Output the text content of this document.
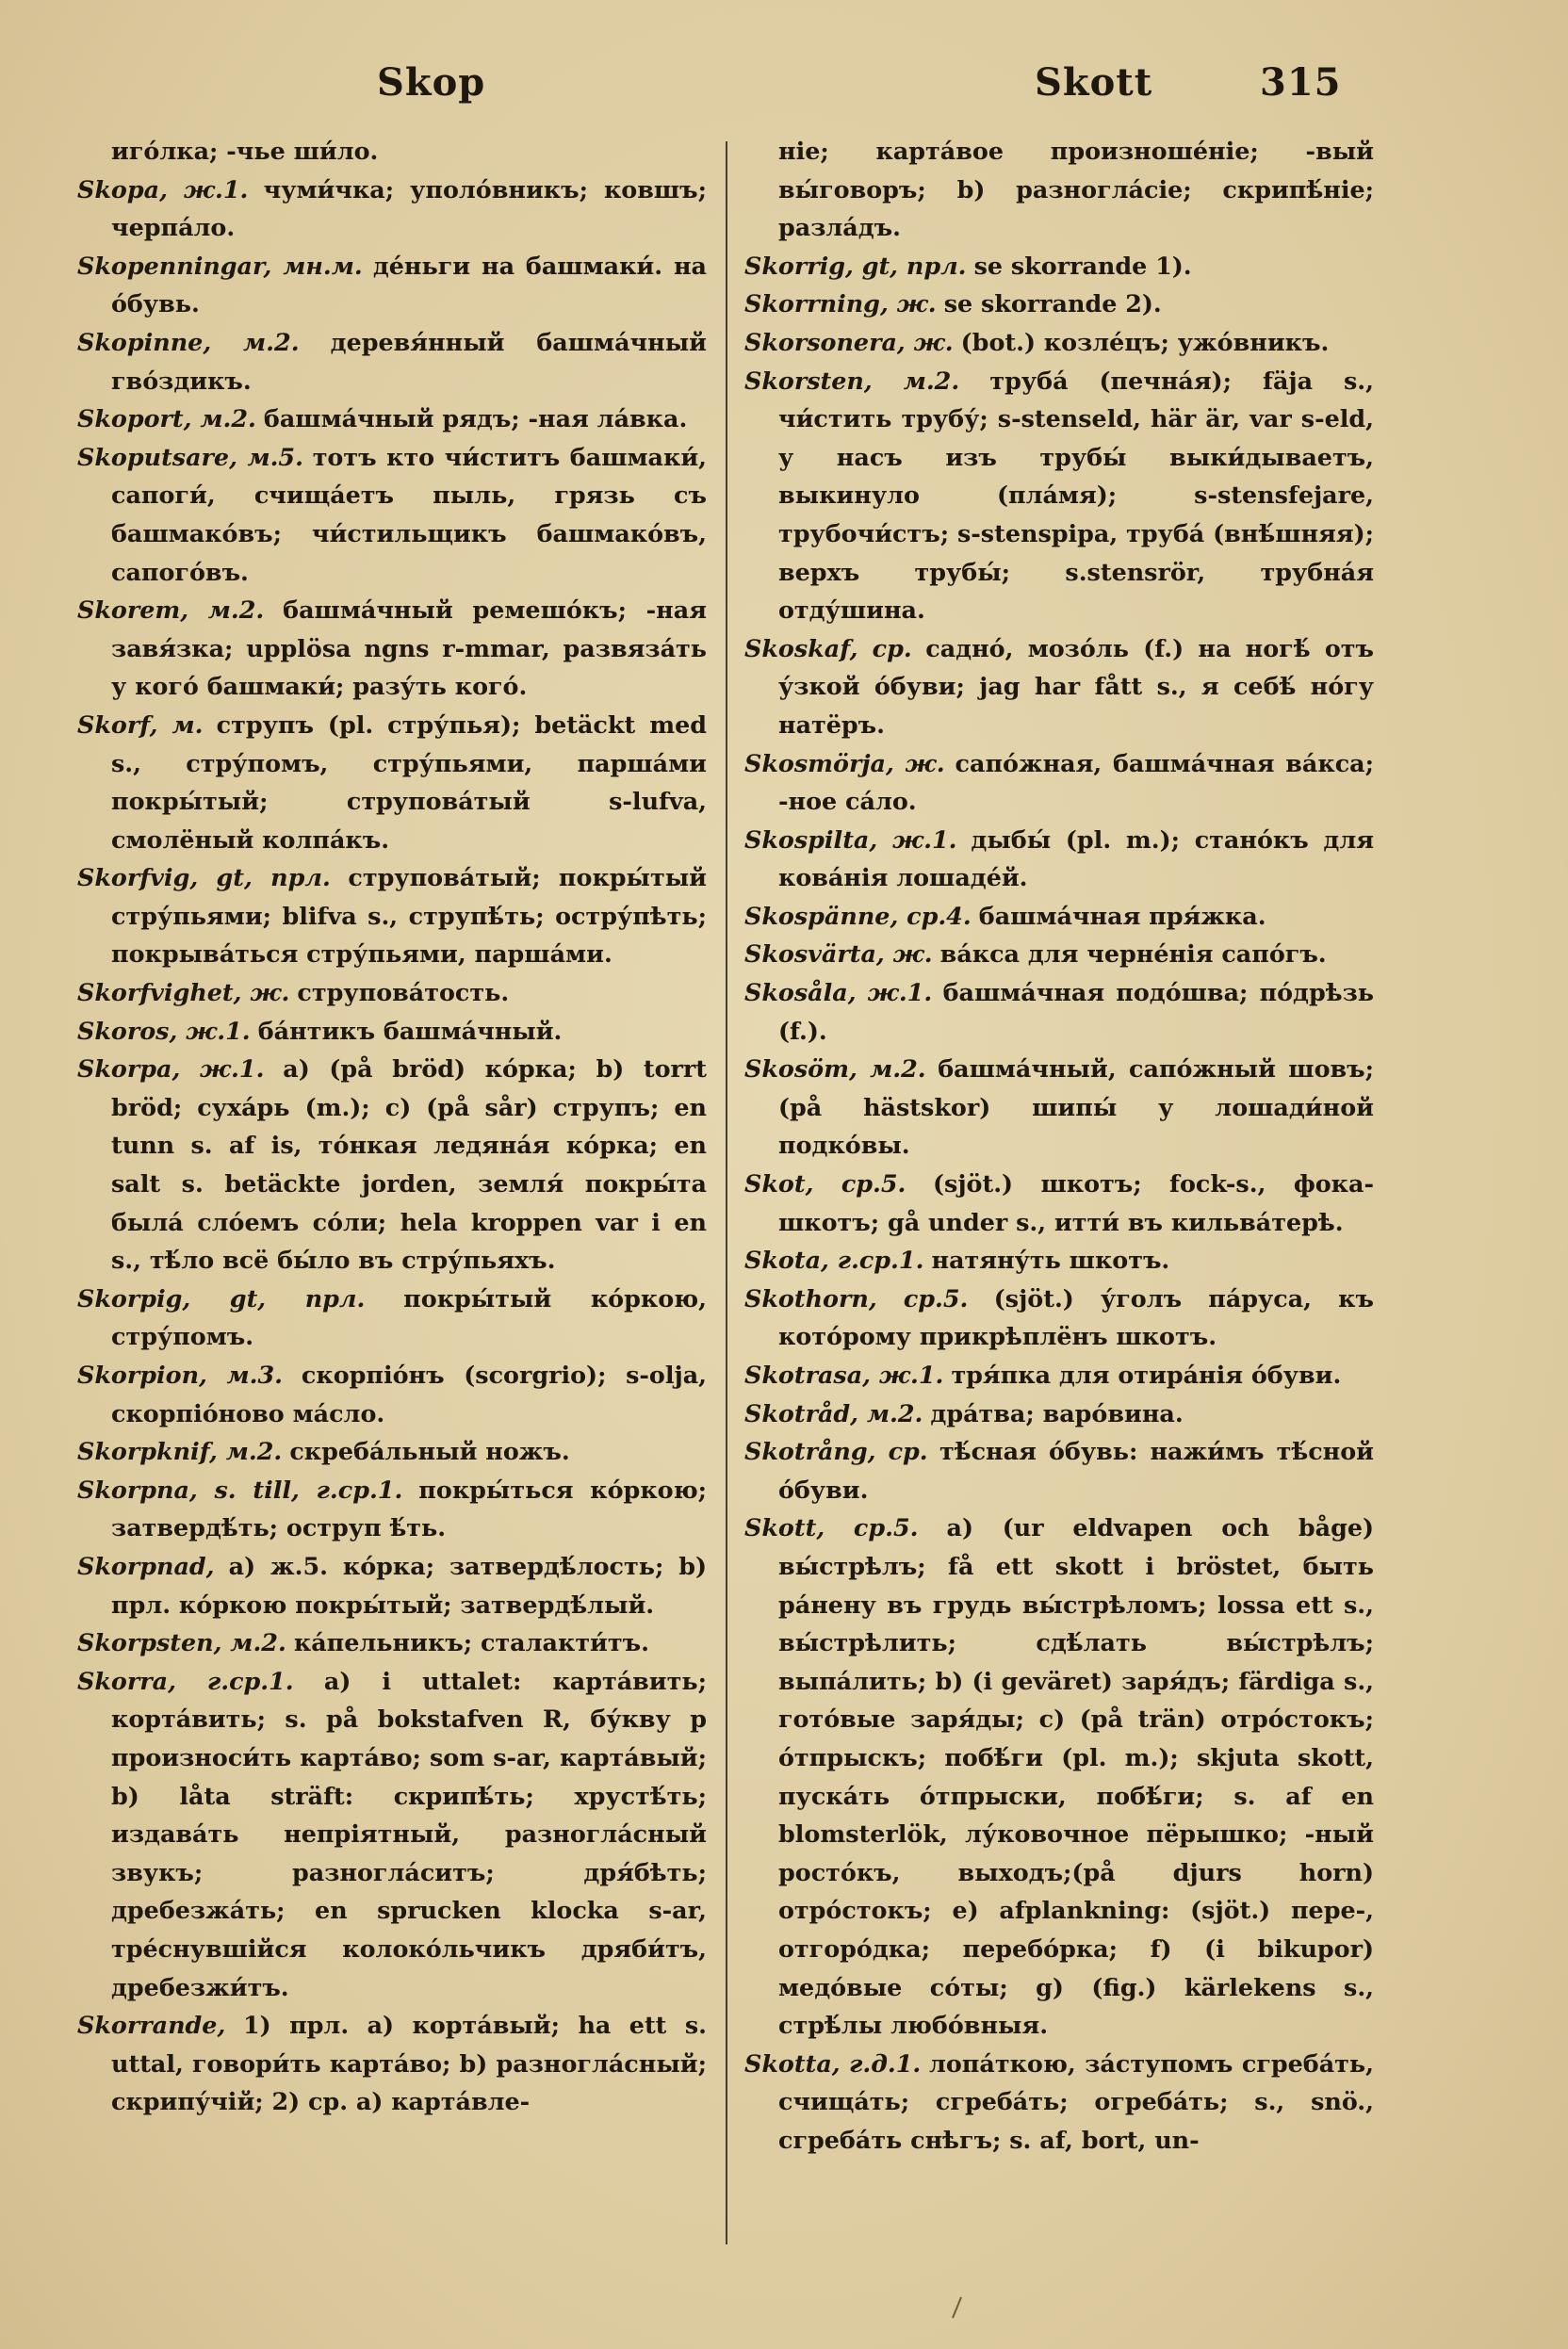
Skop	Skott	315

иго́лка; -чье ши́ло.

Skopa, ж.1. чуми́чка; уполо́вникъ; ковшъ; черпа́ло.

Skopenningar, мн.м. де́ньги на башмаки́. на о́бувь.

Skopinne, м.2. деревя́нный башма́чный гво́здикъ.

Skoport, м.2. башма́чный рядъ; -ная ла́вка.

Skoputsare, м.5. тотъ кто чи́ститъ башмаки́, сапоги́, счища́етъ пыль, грязь съ башмако́въ; чи́стильщикъ башмако́въ, сапого́въ.

Skorem, м.2. башма́чный ремешо́къ; -ная завя́зка; upplösa ngns r-mmar, развяза́ть у кого́ башмаки́; разу́ть кого́.

Skorf, м. струпъ (pl. стру́пья); betäckt med s., стру́помъ, стру́пьями, парша́ми покры́тый; струпова́тый s-lufva, смолёный колпа́къ.

Skorfvig, gt, прл. струпова́тый; покры́тый стру́пьями; blifva s., струпѣ́ть; остру́пѣть; покрыва́ться стру́пьями, парша́ми.

Skorfvighet, ж. струпова́тость.

Skoros, ж.1. ба́нтикъ башма́чный.

Skorpa, ж.1. а) (på bröd) ко́рка; b) torrt bröd; суха́рь (m.); c) (på sår) струпъ; en tunn s. af is, то́нкая ледяна́я ко́рка; en salt s. betäckte jorden, земля́ покры́та была́ сло́емъ со́ли; hela kroppen var i en s., тѣ́ло всё бы́ло въ стру́пьяхъ.

Skorpig, gt, прл. покры́тый ко́ркою, стру́помъ.

Skorpion, м.3. скорпіо́нъ (scorgrio); s-olja, скорпіо́ново ма́сло.

Skorpknif, м.2. скреба́льный ножъ.

Skorpna, s. till, г.ср.1. покры́ться ко́ркою; затвердѣ́ть; оструп ѣ́ть.

Skorpnad, а) ж.5. ко́рка; затвердѣ́лость; b) прл. ко́ркою покры́тый; затвердѣ́лый.

Skorpsten, м.2. ка́пельникъ; сталакти́тъ.

Skorra, г.ср.1. а) i uttalet: карта́вить; корта́вить; s. på bokstafven R, бу́кву р произноси́ть карта́во; som s-ar, карта́вый; b) låta sträft: скрипѣ́ть; хрустѣ́ть; издава́ть непріятный, разногла́сный звукъ; разногла́ситъ; дря́бѣть; дребезжа́ть; en sprucken klocka s-ar, трéснувшійся колоко́льчикъ дряби́тъ, дребезжи́тъ.

Skorrande, 1) прл. а) корта́вый; ha ett s. uttal, говори́ть карта́во; b) разногла́сный; скрипу́чій; 2) ср. а) карта́вле-

ніе; карта́вое произноше́ніе; -вый вы́говоръ; b) разногла́сіе; скрипѣ́ніе; разла́дъ.

Skorrig, gt, прл. se skorrande 1).

Skorrning, ж. se skorrande 2).

Skorsonera, ж. (bot.) козле́цъ; ужо́вникъ.

Skorsten, м.2. труба́ (печна́я); fäja s., чи́стить трубу́; s-stenseld, här är, var s-eld, у насъ изъ трубы́ выки́дываетъ, выкинуло (пла́мя); s-stensfejare, трубочи́стъ; s-stenspipa, труба́ (внѣ́шняя); верхъ трубы́; s.stensrör, трубна́я отду́шина.

Skoskaf, ср. садно́, мозо́ль (f.) на ногѣ́ отъ у́зкой о́буви; jag har fått s., я себѣ́ но́гу натёръ.

Skosmörja, ж. сапо́жная, башма́чная ва́кса; -ное са́ло.

Skospilta, ж.1. дыбы́ (pl. m.); стано́къ для кова́нія лошаде́й.

Skospänne, ср.4. башма́чная пря́жка.

Skosvärta, ж. ва́кса для черне́нія сапо́гъ.

Skosåla, ж.1. башма́чная подо́шва; по́дрѣзь (f.).

Skosöm, м.2. башма́чный, сапо́жный шовъ; (på hästskor) шипы́ у лошади́ной подко́вы.

Skot, ср.5. (sjöt.) шкотъ; fock-s., фока-шкотъ; gå under s., итти́ въ кильва́терѣ.

Skota, г.ср.1. натяну́ть шкотъ.

Skothorn, ср.5. (sjöt.) у́голъ па́руса, къ кото́рому прикрѣплёнъ шкотъ.

Skotrasa, ж.1. тря́пка для отира́нія о́буви.

Skotråd, м.2. дра́тва; варо́вина.

Skotrång, ср. тѣ́сная о́бувь: нажи́мъ тѣ́сной о́буви.

Skott, ср.5. а) (ur eldvapen och båge) вы́стрѣлъ; få ett skott i bröstet, быть ра́нену въ грудь вы́стрѣломъ; lossa ett s., вы́стрѣлить; сдѣ́лать вы́стрѣлъ; выпа́лить; b) (i geväret) заря́дъ; färdiga s., гото́вые заря́ды; c) (på trän) отро́стокъ; о́тпрыскъ; побѣ́ги (pl. m.); skjuta skott, пуска́ть о́тпрыски, побѣ́ги; s. af en blomsterlök, лу́ковочное пёрышко; -ный росто́къ, выходъ;(på djurs horn) отро́стокъ; e) afplankning: (sjöt.) пере-, отгоро́дка; перебо́рка; f) (i bikupor) медо́вые со́ты; g) (fig.) kärlekens s., стрѣ́лы любо́вныя.

Skotta, г.д.1. лопа́ткою, за́ступомъ сгреба́ть, счища́ть; сгреба́ть; огреба́ть; s., snö., сгреба́ть снѣгъ; s. af, bort, un-
